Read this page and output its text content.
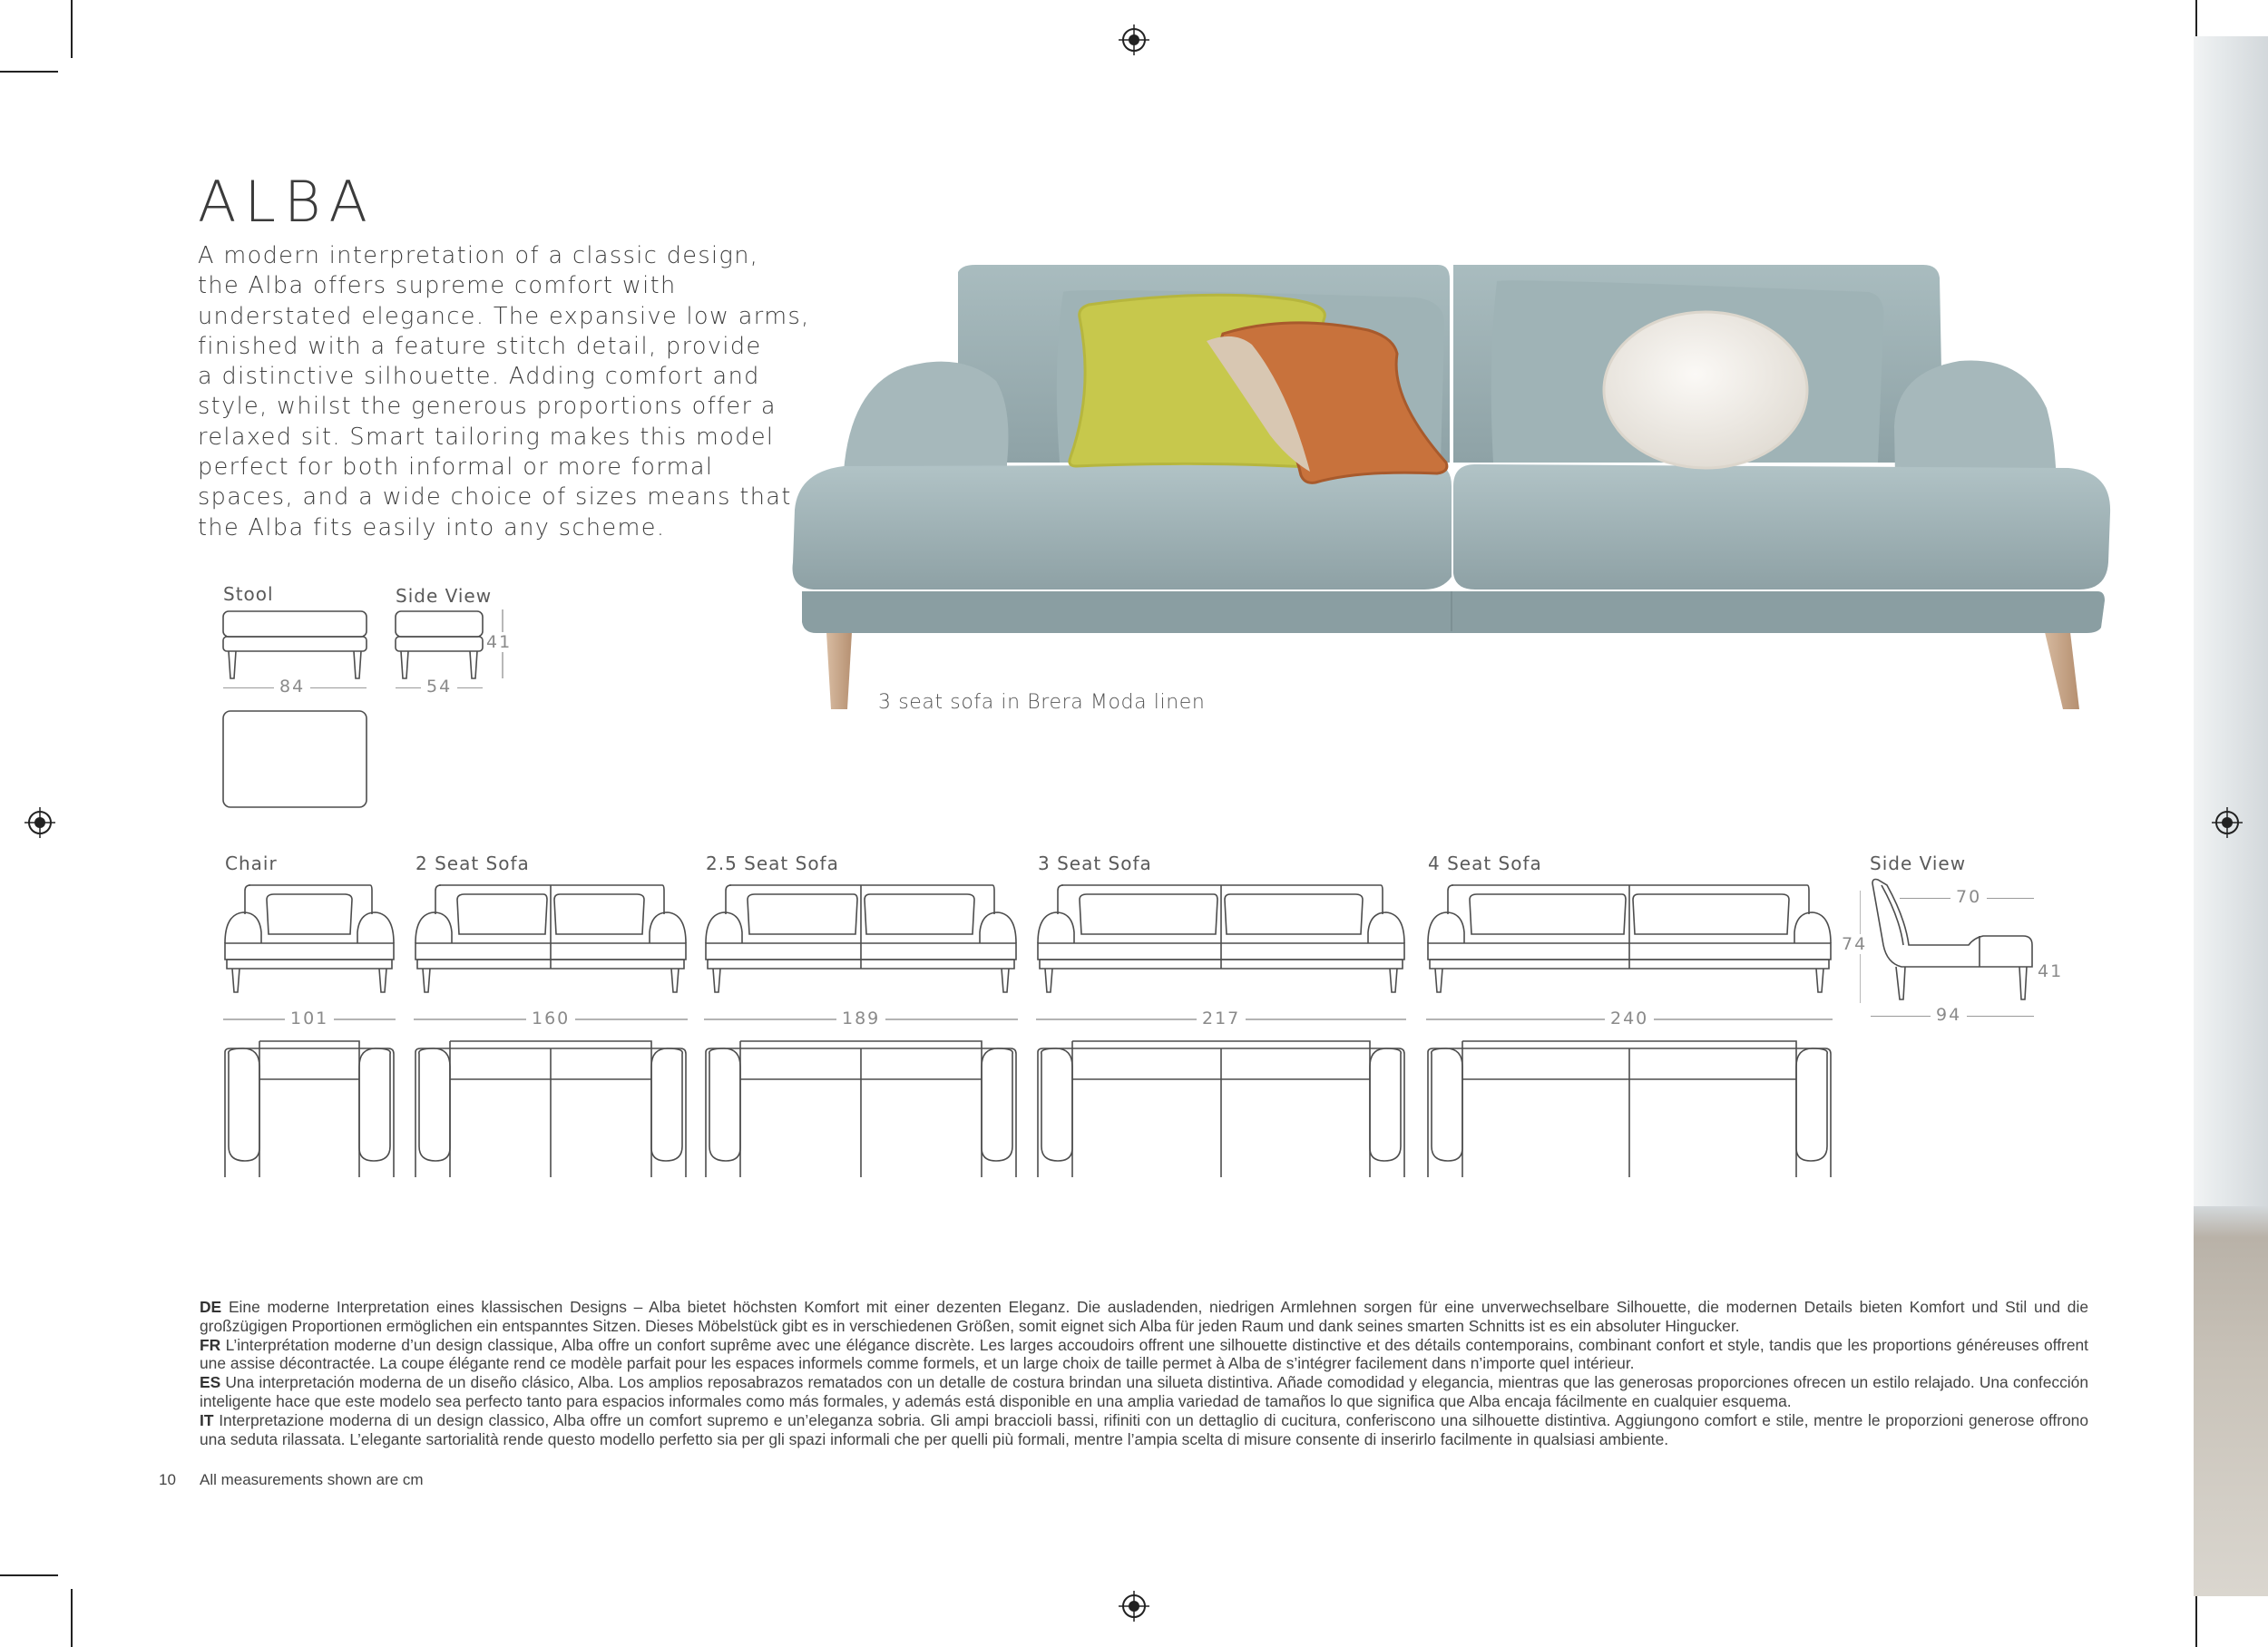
ALBA
A modern interpretation of a classic design,
the Alba offers supreme comfort with
understated elegance. The expansive low arms,
finished with a feature stitch detail, provide
a distinctive silhouette. Adding comfort and
style, whilst the generous proportions offer a
relaxed sit. Smart tailoring makes this model
perfect for both informal or more formal
spaces, and a wide choice of sizes means that
the Alba fits easily into any scheme.
3 seat sofa in Brera Moda linen
Stool	Side View
84	54
41
Chair
101
2 Seat Sofa
160
2.5 Seat Sofa
189
3 Seat Sofa
217
4 Seat Sofa
240
Side View
70
74
41
94

DE Eine moderne Interpretation eines klassischen Designs – Alba bietet höchsten Komfort mit einer dezenten Eleganz. Die ausladenden, niedrigen Armlehnen sorgen für eine unverwechselbare Silhouette, die modernen Details bieten Komfort und Stil und die großzügigen Proportionen ermöglichen ein entspanntes Sitzen. Dieses Möbelstück gibt es in verschiedenen Größen, somit eignet sich Alba für jeden Raum und dank seines smarten Schnitts ist es ein absoluter Hingucker.

FR L’interprétation moderne d’un design classique, Alba offre un confort suprême avec une élégance discrète. Les larges accoudoirs offrent une silhouette distinctive et des détails contemporains, combinant confort et style, tandis que les proportions généreuses offrent une assise décontractée. La coupe élégante rend ce modèle parfait pour les espaces informels comme formels, et un large choix de taille permet à Alba de s’intégrer facilement dans n’importe quel intérieur.

ES Una interpretación moderna de un diseño clásico, Alba. Los amplios reposabrazos rematados con un detalle de costura brindan una silueta distintiva. Añade comodidad y elegancia, mientras que las generosas proporciones ofrecen un estilo relajado. Una confección inteligente hace que este modelo sea perfecto tanto para espacios informales como más formales, y además está disponible en una amplia variedad de tamaños lo que significa que Alba encaja fácilmente en cualquier esquema.

IT Interpretazione moderna di un design classico, Alba offre un comfort supremo e un’eleganza sobria. Gli ampi braccioli bassi, rifiniti con un dettaglio di cucitura, conferiscono una silhouette distintiva. Aggiungono comfort e stile, mentre le proporzioni generose offrono una seduta rilassata. L’elegante sartorialità rende questo modello perfetto sia per gli spazi informali che per quelli più formali, mentre l’ampia scelta di misure consente di inserirlo facilmente in qualsiasi ambiente.

10 All measurements shown are cm
